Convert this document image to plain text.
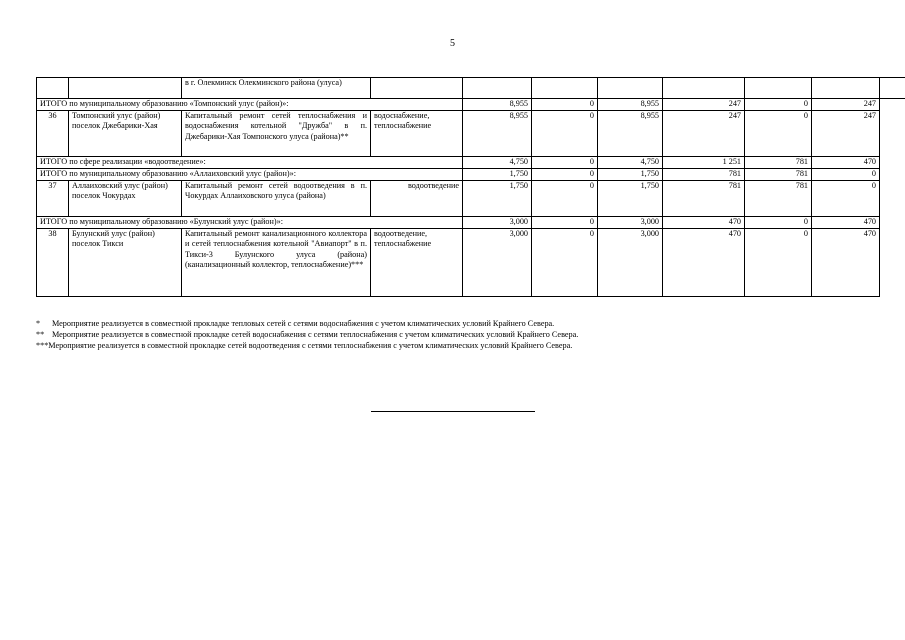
5
		в г. Олекминск Олекминского района (улуса)								
ИТОГО по муниципальному образованию «Томпонский улус (район)»:				8,955	0	8,955	247	0	247	
36	Томпонский улус (район) поселок Джебарики-Хая	Капитальный ремонт сетей теплоснабжения и водоснабжения котельной "Дружба" в п. Джебарики-Хая Томпонского улуса (района)**	водоснабжение, теплоснабжение	8,955	0	8,955	247	0	247	
ИТОГО по сфере реализации «водоотведение»:				4,750	0	4,750	1 251	781	470	
ИТОГО по муниципальному образованию «Аллаиховский улус (район)»:				1,750	0	1,750	781	781	0	
37	Аллаиховский улус (район) поселок Чокурдах	Капитальный ремонт сетей водоотведения в п. Чокурдах Аллаиховского улуса (района)	водоотведение	1,750	0	1,750	781	781	0	
ИТОГО по муниципальному образованию «Булунский улус (район)»:				3,000	0	3,000	470	0	470	
38	Булунский улус (район) поселок Тикси	Капитальный ремонт канализационного коллектора и сетей теплоснабжения котельной "Авиапорт" в п. Тикси-3 Булунского улуса (района) (канализационный коллектор, теплоснабжение)***	водоотведение, теплоснабжение	3,000	0	3,000	470	0	470	
* Мероприятие реализуется в совместной прокладке тепловых сетей с сетями водоснабжения с учетом климатических условий Крайнего Севера.
** Мероприятие реализуется в совместной прокладке сетей водоснабжения с сетями теплоснабжения с учетом климатических условий Крайнего Севера.
***Мероприятие реализуется в совместной прокладке сетей водоотведения с сетями теплоснабжения с учетом климатических условий Крайнего Севера.
